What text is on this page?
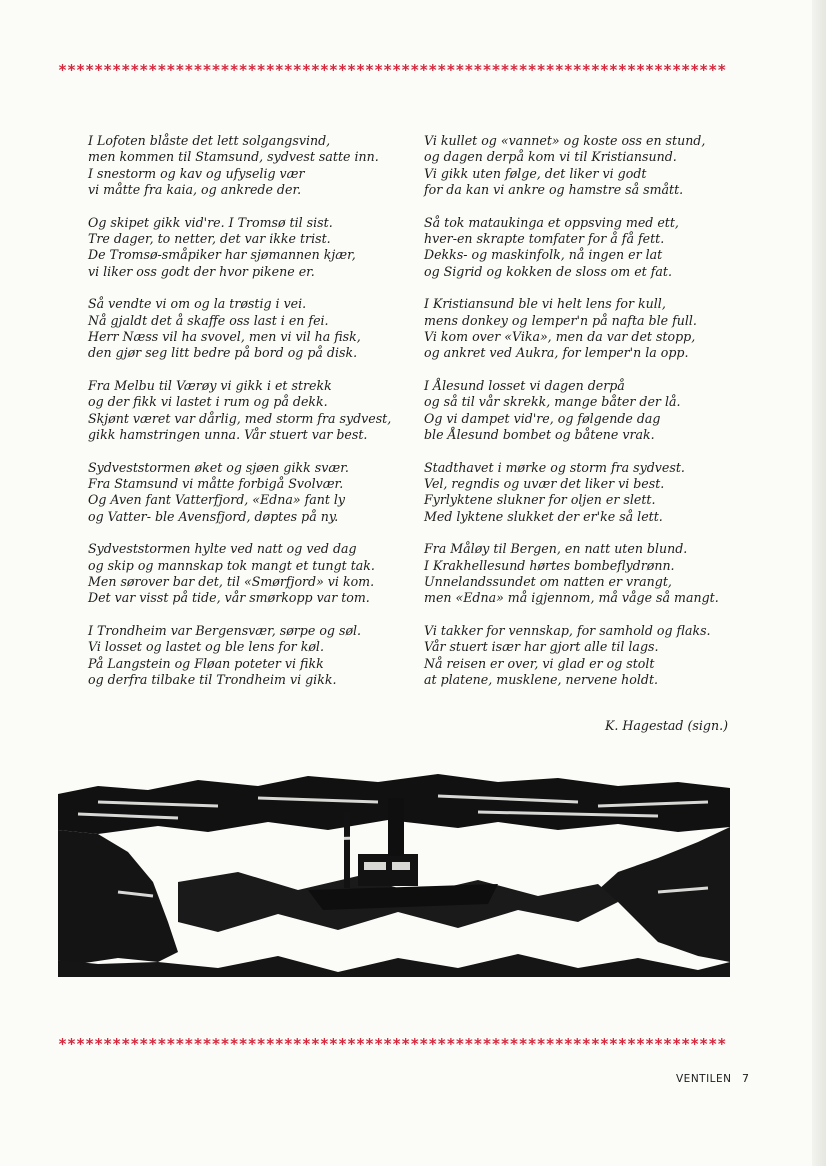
**************************************************************************
I Lofoten blåste det lett solgangsvind,
men kommen til Stamsund, sydvest satte inn.
I snestorm og kav og ufyselig vær
vi måtte fra kaia, og ankrede der.
Og skipet gikk vid're. I Tromsø til sist.
Tre dager, to netter, det var ikke trist.
De Tromsø-småpiker har sjømannen kjær,
vi liker oss godt der hvor pikene er.
Så vendte vi om og la trøstig i vei.
Nå gjaldt det å skaffe oss last i en fei.
Herr Næss vil ha svovel, men vi vil ha fisk,
den gjør seg litt bedre på bord og på disk.
Fra Melbu til Værøy vi gikk i et strekk
og der fikk vi lastet i rum og på dekk.
Skjønt været var dårlig, med storm fra sydvest,
gikk hamstringen unna. Vår stuert var best.
Sydveststormen øket og sjøen gikk svær.
Fra Stamsund vi måtte forbigå Svolvær.
Og Aven fant Vatterfjord, «Edna» fant ly
og Vatter- ble Avensfjord, døptes på ny.
Sydveststormen hylte ved natt og ved dag
og skip og mannskap tok mangt et tungt tak.
Men sørover bar det, til «Smørfjord» vi kom.
Det var visst på tide, vår smørkopp var tom.
I Trondheim var Bergensvær, sørpe og søl.
Vi losset og lastet og ble lens for køl.
På Langstein og Fløan poteter vi fikk
og derfra tilbake til Trondheim vi gikk.
Vi kullet og «vannet» og koste oss en stund,
og dagen derpå kom vi til Kristiansund.
Vi gikk uten følge, det liker vi godt
for da kan vi ankre og hamstre så smått.
Så tok mataukinga et oppsving med ett,
hver-en skrapte tomfater for å få fett.
Dekks- og maskinfolk, nå ingen er lat
og Sigrid og kokken de sloss om et fat.
I Kristiansund ble vi helt lens for kull,
mens donkey og lemper'n på nafta ble full.
Vi kom over «Vika», men da var det stopp,
og ankret ved Aukra, for lemper'n la opp.
I Ålesund losset vi dagen derpå
og så til vår skrekk, mange båter der lå.
Og vi dampet vid're, og følgende dag
ble Ålesund bombet og båtene vrak.
Stadthavet i mørke og storm fra sydvest.
Vel, regndis og uvær det liker vi best.
Fyrlyktene slukner for oljen er slett.
Med lyktene slukket der er'ke så lett.
Fra Måløy til Bergen, en natt uten blund.
I Krakhellesund hørtes bombeflydrønn.
Unnelandssundet om natten er vrangt,
men «Edna» må igjennom, må våge så mangt.
Vi takker for vennskap, for samhold og flaks.
Vår stuert især har gjort alle til lags.
Nå reisen er over, vi glad er og stolt
at platene, musklene, nervene holdt.
K. Hagestad (sign.)
**************************************************************************
VENTILEN 7
